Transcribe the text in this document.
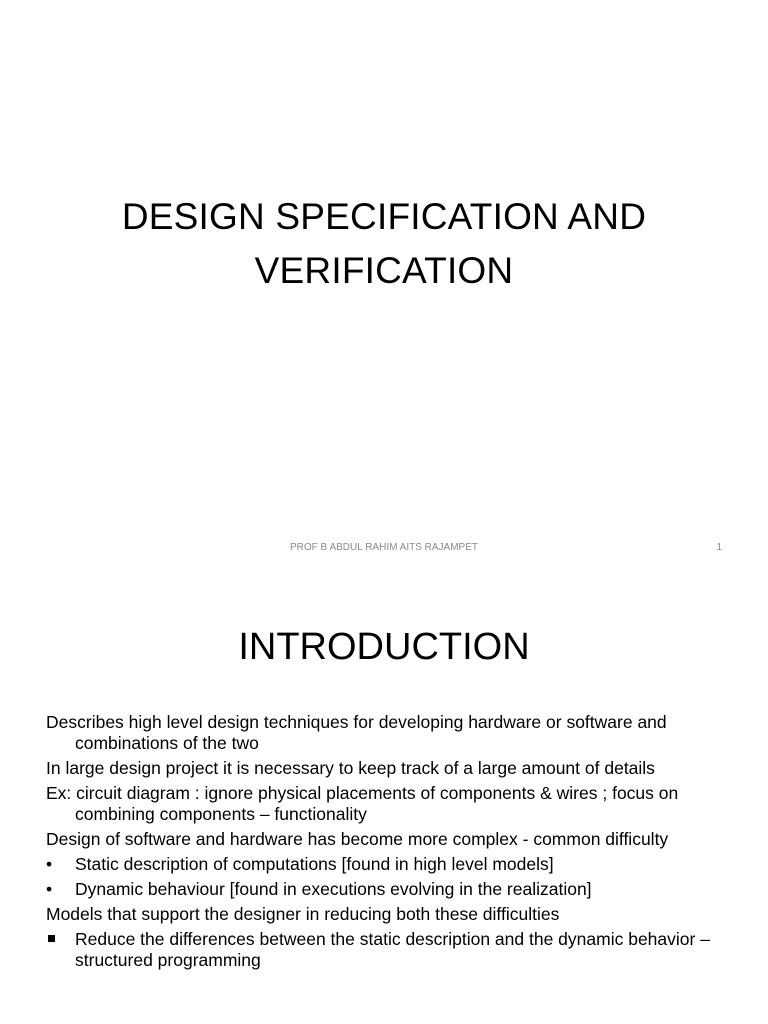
DESIGN SPECIFICATION AND
VERIFICATION
PROF B ABDUL RAHIM AITS RAJAMPET	1
INTRODUCTION
Describes high level design techniques for developing hardware or software and combinations of the two
In large design project it is necessary to keep track of a large amount of details
Ex: circuit diagram : ignore physical placements of components & wires ; focus on combining components – functionality
Design of software and hardware has become more complex - common difficulty
•	Static description of computations [found in high level models]
•	Dynamic behaviour [found in executions evolving in the realization]
Models that support the designer in reducing both these difficulties
Reduce the differences between the static description and the dynamic behavior – structured programming
